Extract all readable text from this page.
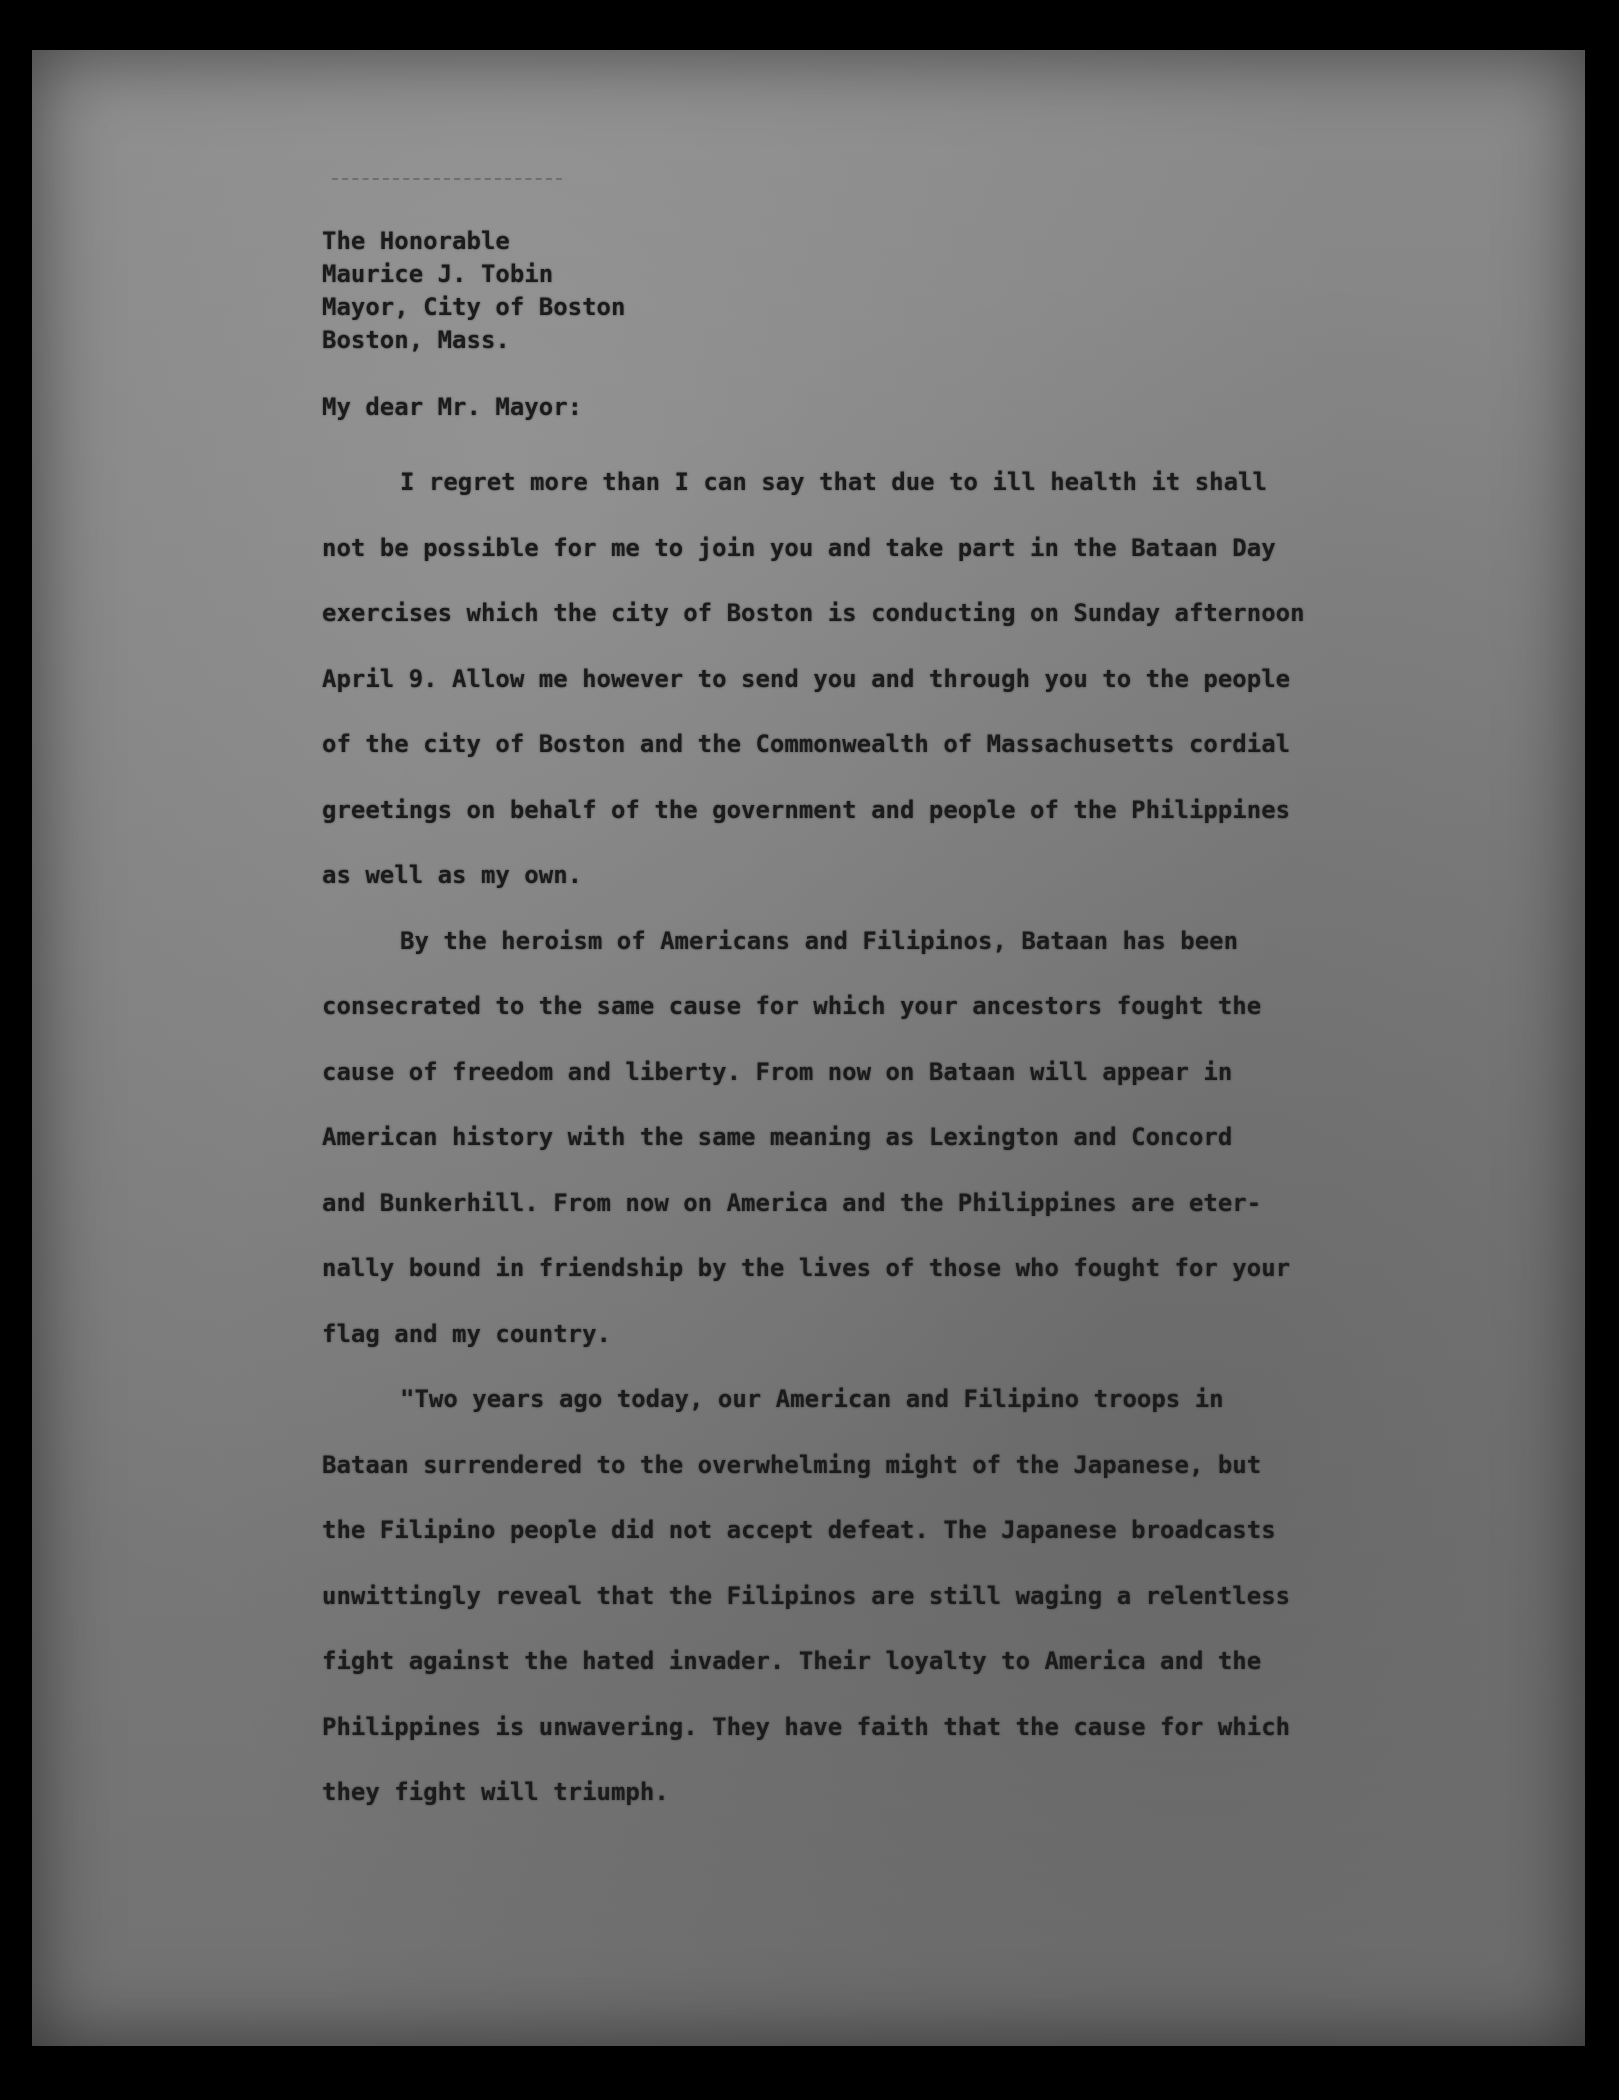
The Honorable
Maurice J. Tobin
Mayor, City of Boston
Boston, Mass.
My dear Mr. Mayor:
I regret more than I can say that due to ill health it shall
not be possible for me to join you and take part in the Bataan Day
exercises which the city of Boston is conducting on Sunday afternoon
April 9. Allow me however to send you and through you to the people
of the city of Boston and the Commonwealth of Massachusetts cordial
greetings on behalf of the government and people of the Philippines
as well as my own.
By the heroism of Americans and Filipinos, Bataan has been
consecrated to the same cause for which your ancestors fought the
cause of freedom and liberty. From now on Bataan will appear in
American history with the same meaning as Lexington and Concord
and Bunkerhill. From now on America and the Philippines are eter-
nally bound in friendship by the lives of those who fought for your
flag and my country.
"Two years ago today, our American and Filipino troops in
Bataan surrendered to the overwhelming might of the Japanese, but
the Filipino people did not accept defeat. The Japanese broadcasts
unwittingly reveal that the Filipinos are still waging a relentless
fight against the hated invader. Their loyalty to America and the
Philippines is unwavering. They have faith that the cause for which
they fight will triumph.
